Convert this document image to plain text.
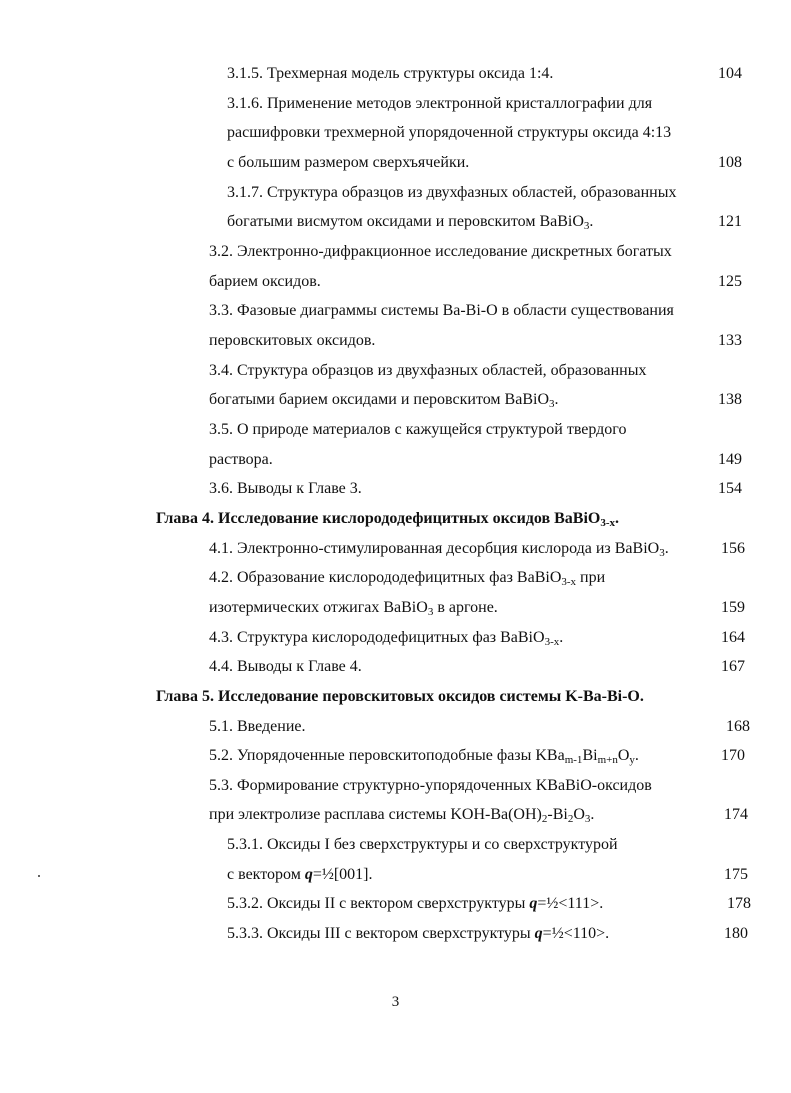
3.1.5. Трехмерная модель структуры оксида 1:4.	104
3.1.6. Применение методов электронной кристаллографии для
расшифровки трехмерной упорядоченной структуры оксида 4:13
с большим размером сверхъячейки.	108
3.1.7. Структура образцов из двухфазных областей, образованных
богатыми висмутом оксидами и перовскитом BaBiO$_3$.	121
3.2. Электронно-дифракционное исследование дискретных богатых
барием оксидов.	125
3.3. Фазовые диаграммы системы Ba-Bi-O в области существования
перовскитовых оксидов.	133
3.4. Структура образцов из двухфазных областей, образованных
богатыми барием оксидами и перовскитом BaBiO$_3$.	138
3.5. О природе материалов с кажущейся структурой твердого
раствора.	149
3.6. Выводы к Главе 3.	154
Глава 4. Исследование кислорододефицитных оксидов BaBiO$_{3-x}$.
4.1. Электронно-стимулированная десорбция кислорода из BaBiO$_3$.	156
4.2. Образование кислорододефицитных фаз BaBiO$_{3-x}$ при
изотермических отжигах BaBiO$_3$ в аргоне.	159
4.3. Структура кислорододефицитных фаз BaBiO$_{3-x}$.	164
4.4. Выводы к Главе 4.	167
Глава 5. Исследование перовскитовых оксидов системы K-Ba-Bi-O.
5.1. Введение.	168
5.2. Упорядоченные перовскитоподобные фазы $KBa_{m-1}Bi_{m+n}O_y$.	170
5.3. Формирование структурно-упорядоченных KBaBiO-оксидов
при электролизе расплава системы KOH-$Ba(OH)_2-Bi_2O_3$.	174
5.3.1. Оксиды I без сверхструктуры и со сверхструктурой
с вектором q=½[001].	175
5.3.2. Оксиды II с вектором сверхструктуры q=½<111>.	178
5.3.3. Оксиды III с вектором сверхструктуры q=½<110>.	180
3
